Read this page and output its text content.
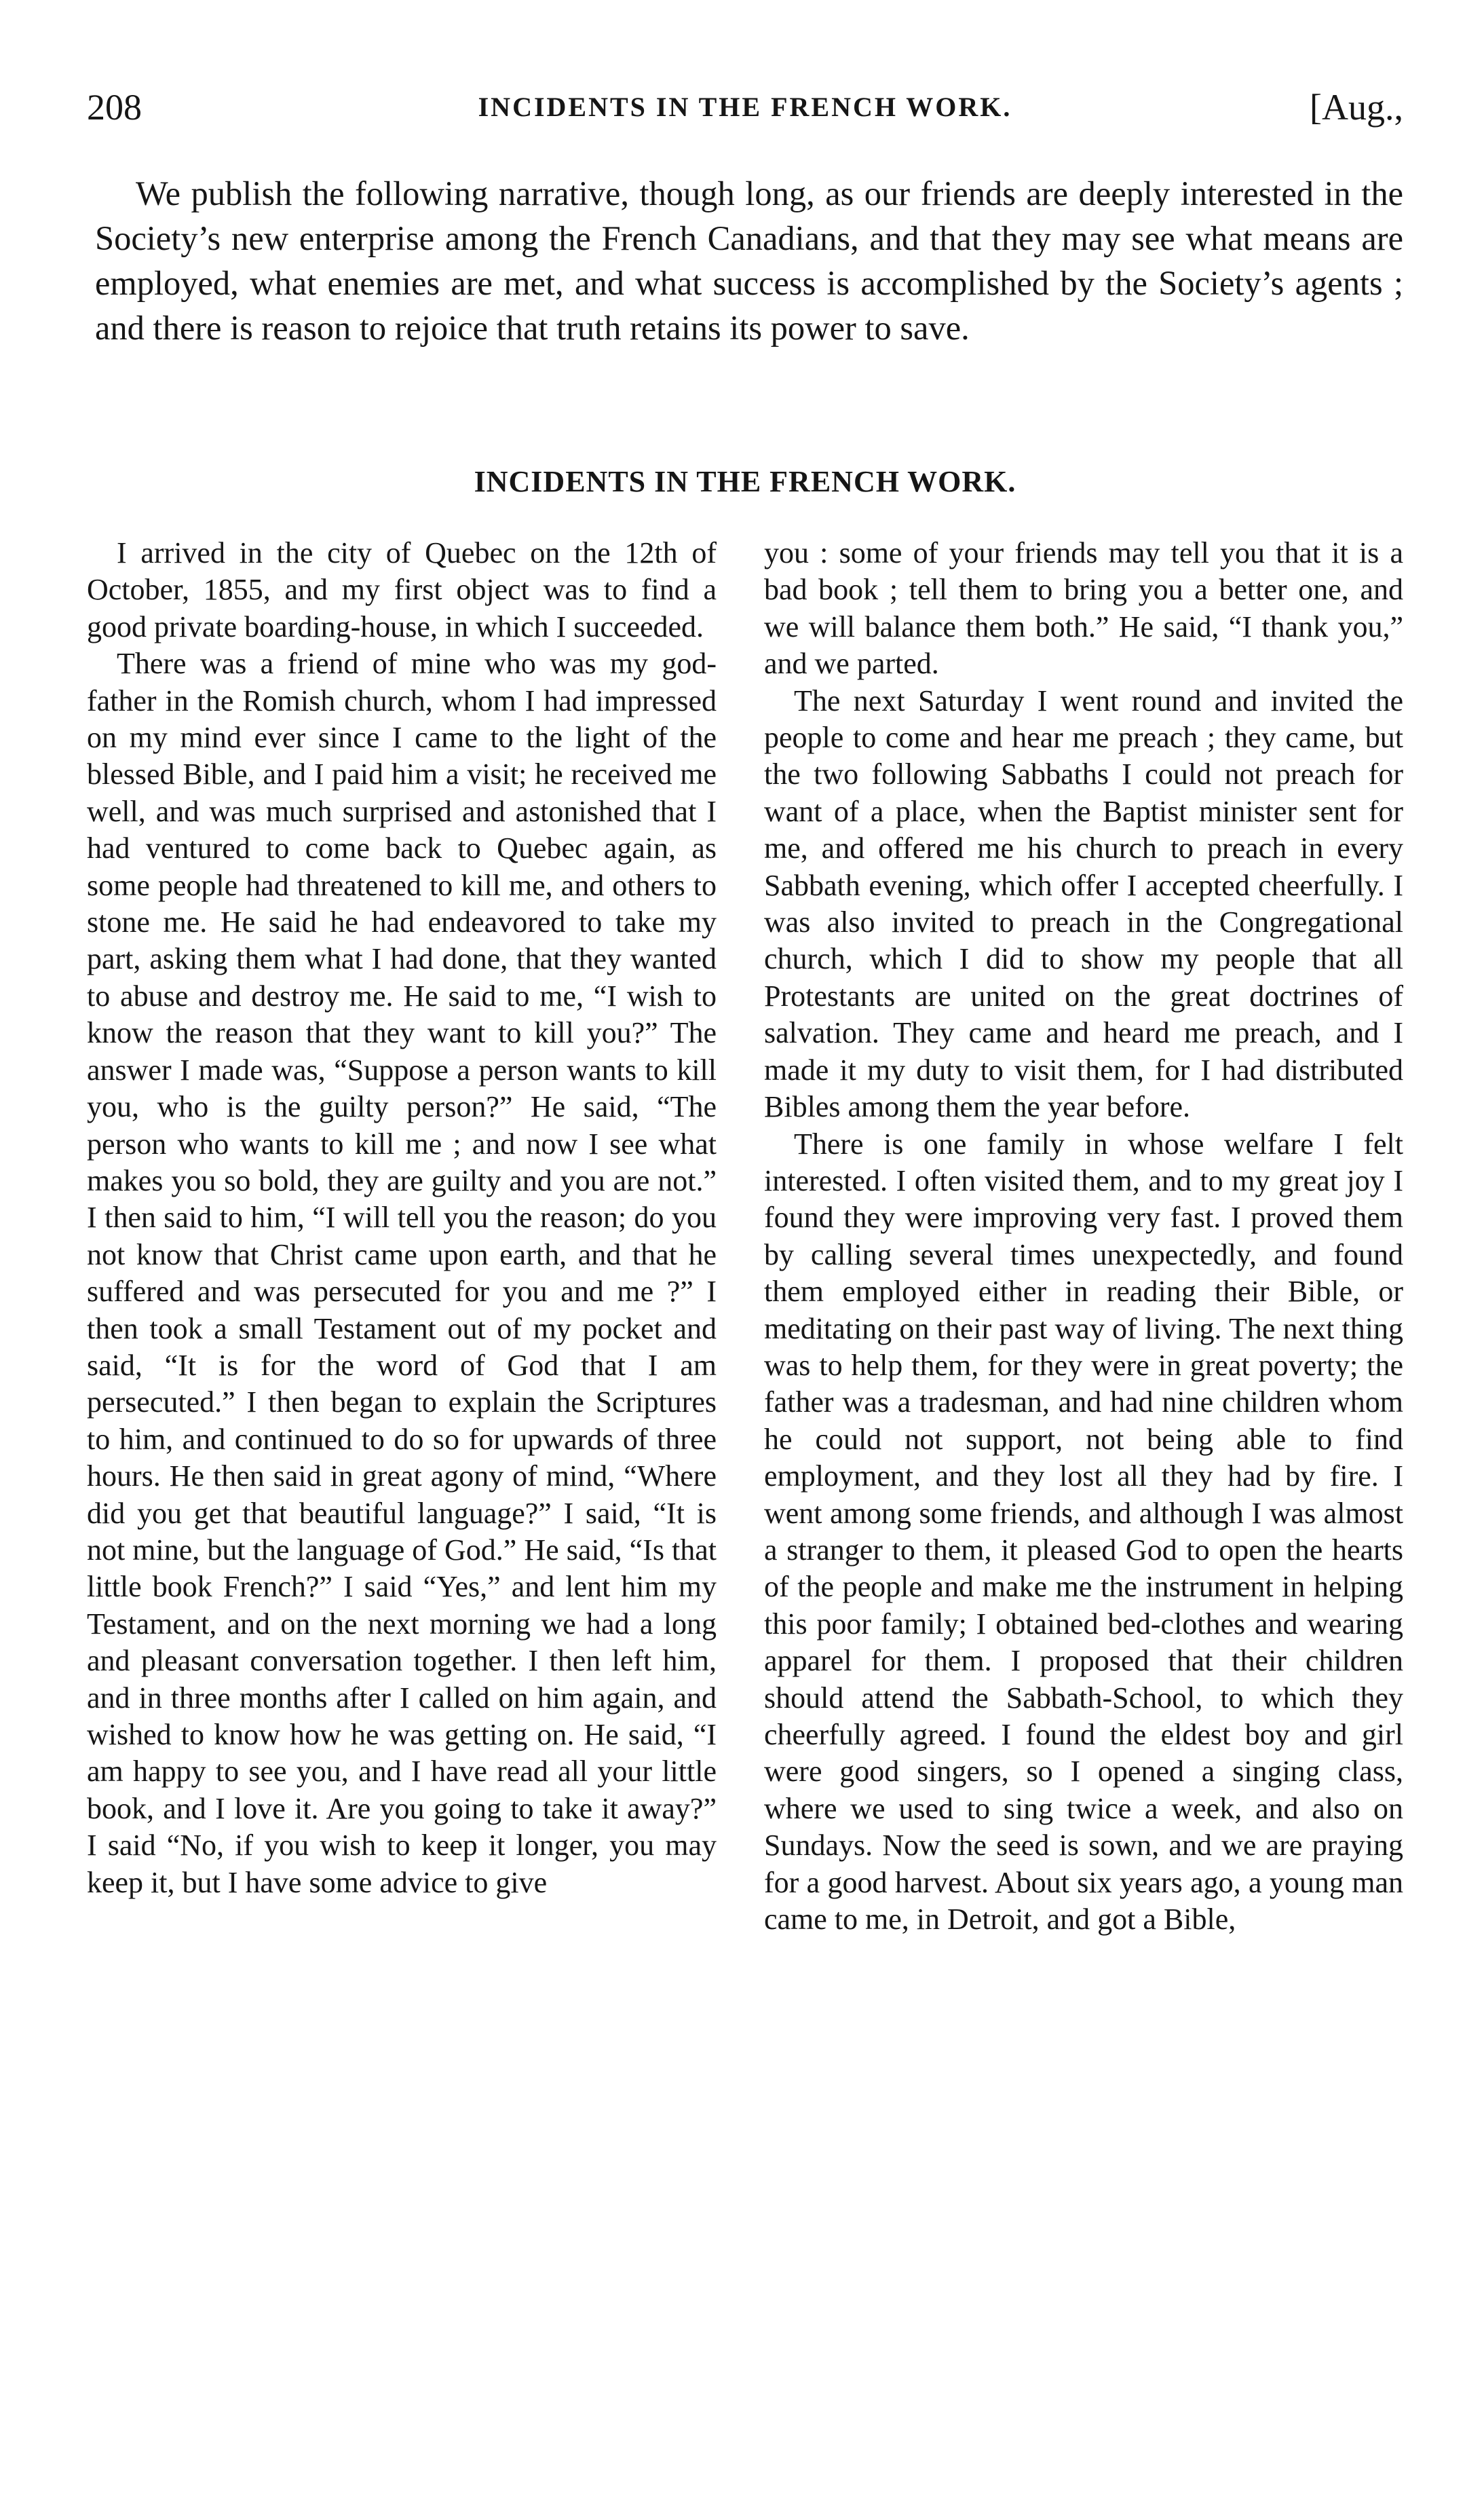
208	INCIDENTS IN THE FRENCH WORK.	[Aug.,

We publish the following narrative, though long, as our friends are deeply interested in the Society’s new enterprise among the French Canadians, and that they may see what means are employed, what enemies are met, and what success is accomplished by the Society’s agents ; and there is reason to rejoice that truth retains its power to save.

INCIDENTS IN THE FRENCH WORK.

I arrived in the city of Quebec on the 12th of October, 1855, and my first object was to find a good private boarding-house, in which I succeeded.

There was a friend of mine who was my god-father in the Romish church, whom I had impressed on my mind ever since I came to the light of the blessed Bible, and I paid him a visit; he received me well, and was much surprised and astonished that I had ventured to come back to Quebec again, as some people had threatened to kill me, and others to stone me. He said he had endeavored to take my part, asking them what I had done, that they wanted to abuse and destroy me. He said to me, “I wish to know the reason that they want to kill you?” The answer I made was, “Suppose a person wants to kill you, who is the guilty person?” He said, “The person who wants to kill me ; and now I see what makes you so bold, they are guilty and you are not.” I then said to him, “I will tell you the reason; do you not know that Christ came upon earth, and that he suffered and was persecuted for you and me ?” I then took a small Testament out of my pocket and said, “It is for the word of God that I am persecuted.” I then began to explain the Scriptures to him, and continued to do so for upwards of three hours. He then said in great agony of mind, “Where did you get that beautiful language?” I said, “It is not mine, but the language of God.” He said, “Is that little book French?” I said “Yes,” and lent him my Testament, and on the next morning we had a long and pleasant conversation together. I then left him, and in three months after I called on him again, and wished to know how he was getting on. He said, “I am happy to see you, and I have read all your little book, and I love it. Are you going to take it away?” I said “No, if you wish to keep it longer, you may keep it, but I have some advice to give

you : some of your friends may tell you that it is a bad book ; tell them to bring you a better one, and we will balance them both.” He said, “I thank you,” and we parted.

The next Saturday I went round and invited the people to come and hear me preach ; they came, but the two following Sabbaths I could not preach for want of a place, when the Baptist minister sent for me, and offered me his church to preach in every Sabbath evening, which offer I accepted cheerfully. I was also invited to preach in the Congregational church, which I did to show my people that all Protestants are united on the great doctrines of salvation. They came and heard me preach, and I made it my duty to visit them, for I had distributed Bibles among them the year before.

There is one family in whose welfare I felt interested. I often visited them, and to my great joy I found they were improving very fast. I proved them by calling several times unexpectedly, and found them employed either in reading their Bible, or meditating on their past way of living. The next thing was to help them, for they were in great poverty; the father was a tradesman, and had nine children whom he could not support, not being able to find employment, and they lost all they had by fire. I went among some friends, and although I was almost a stranger to them, it pleased God to open the hearts of the people and make me the instrument in helping this poor family; I obtained bed-clothes and wearing apparel for them. I proposed that their children should attend the Sabbath-School, to which they cheerfully agreed. I found the eldest boy and girl were good singers, so I opened a singing class, where we used to sing twice a week, and also on Sundays. Now the seed is sown, and we are praying for a good harvest. About six years ago, a young man came to me, in Detroit, and got a Bible,
